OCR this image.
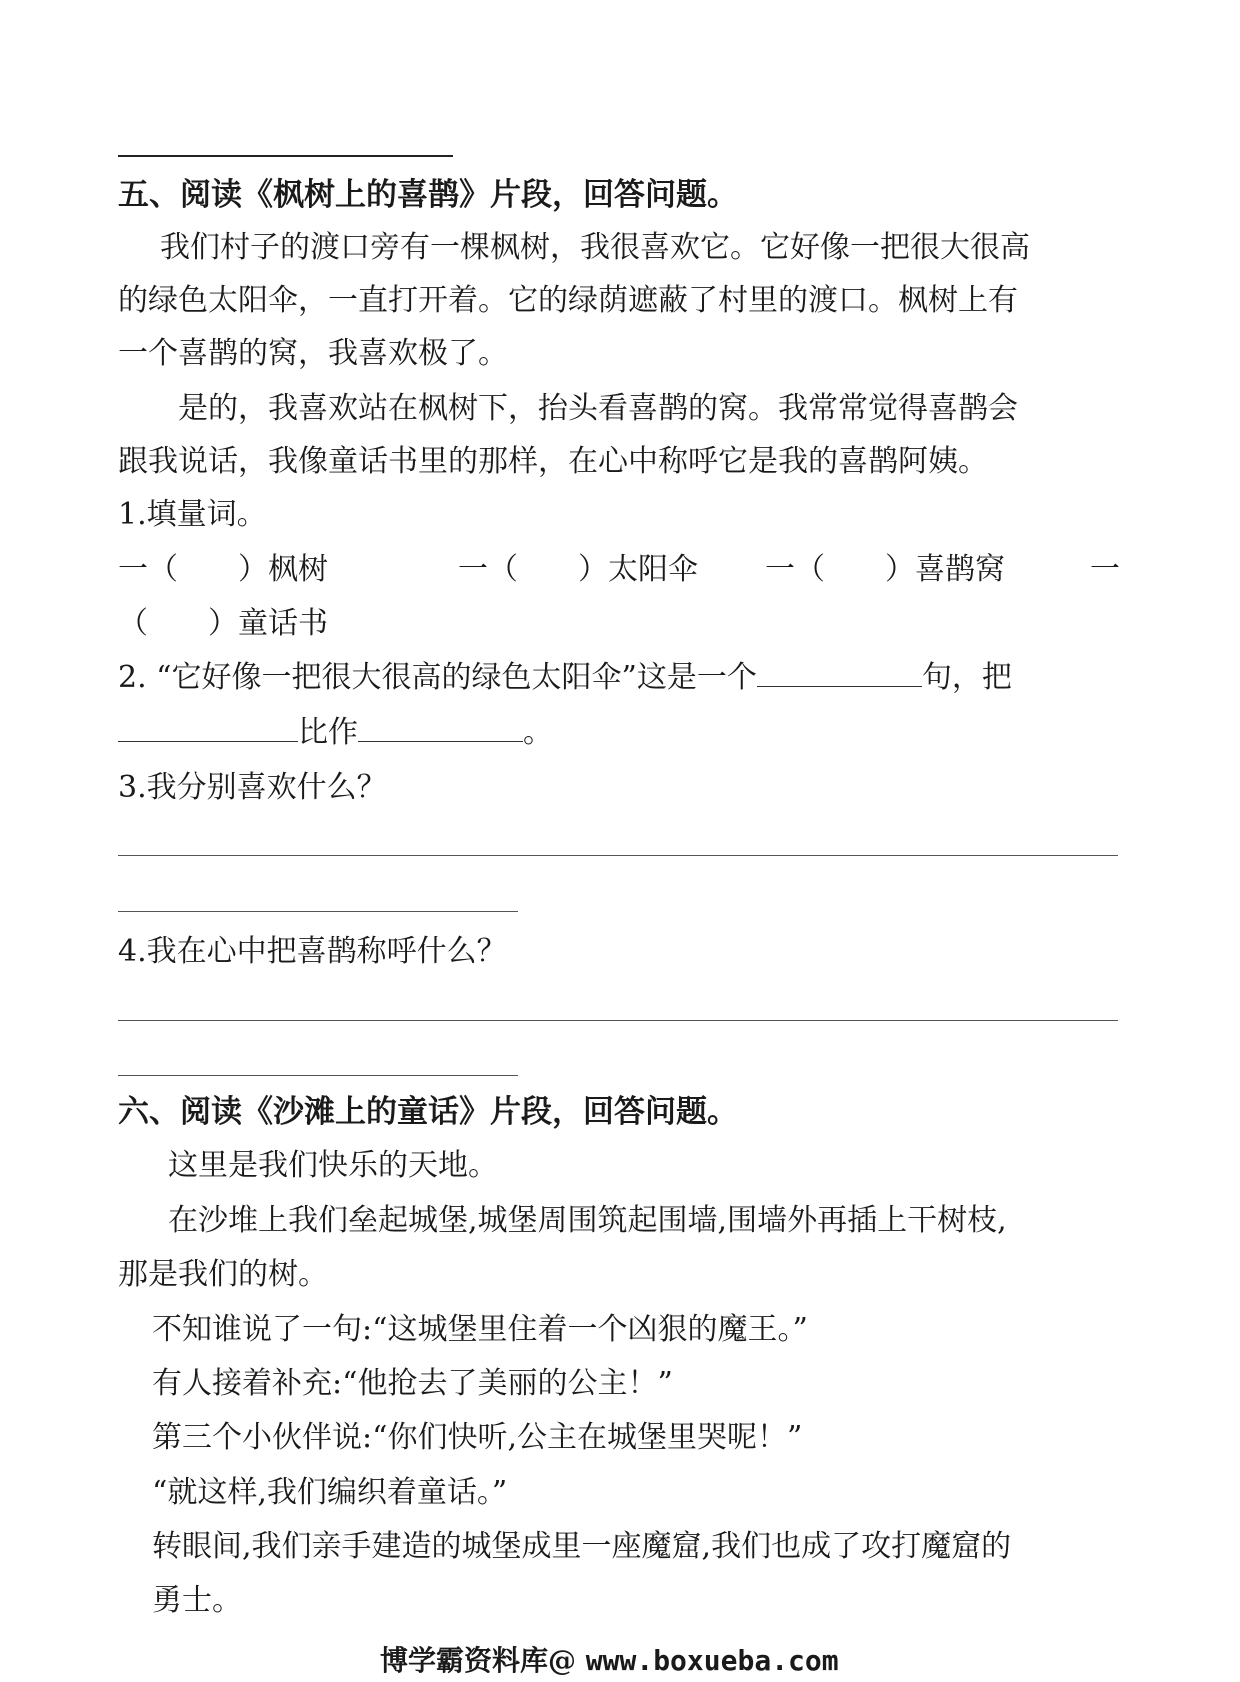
五、阅读《枫树上的喜鹊》片段，回答问题。
我们村子的渡口旁有一棵枫树，我很喜欢它。它好像一把很大很高
的绿色太阳伞，一直打开着。它的绿荫遮蔽了村里的渡口。枫树上有
一个喜鹊的窝，我喜欢极了。
是的，我喜欢站在枫树下，抬头看喜鹊的窝。我常常觉得喜鹊会
跟我说话，我像童话书里的那样，在心中称呼它是我的喜鹊阿姨。
1.填量词。
一（　　）枫树	一（　　）太阳伞 一（　　）喜鹊窝	一
（　　）童话书
2. “它好像一把很大很高的绿色太阳伞”这是一个	句，把
比作	。
3.我分别喜欢什么？
4.我在心中把喜鹊称呼什么？
六、阅读《沙滩上的童话》片段，回答问题。
这里是我们快乐的天地。
在沙堆上我们垒起城堡,城堡周围筑起围墙,围墙外再插上干树枝,
那是我们的树。
不知谁说了一句:“这城堡里住着一个凶狠的魔王。”
有人接着补充:“他抢去了美丽的公主！”
第三个小伙伴说:“你们快听,公主在城堡里哭呢！”
“就这样,我们编织着童话。”
转眼间,我们亲手建造的城堡成里一座魔窟,我们也成了攻打魔窟的
勇士。
博学霸资料库@ www.boxueba.com
